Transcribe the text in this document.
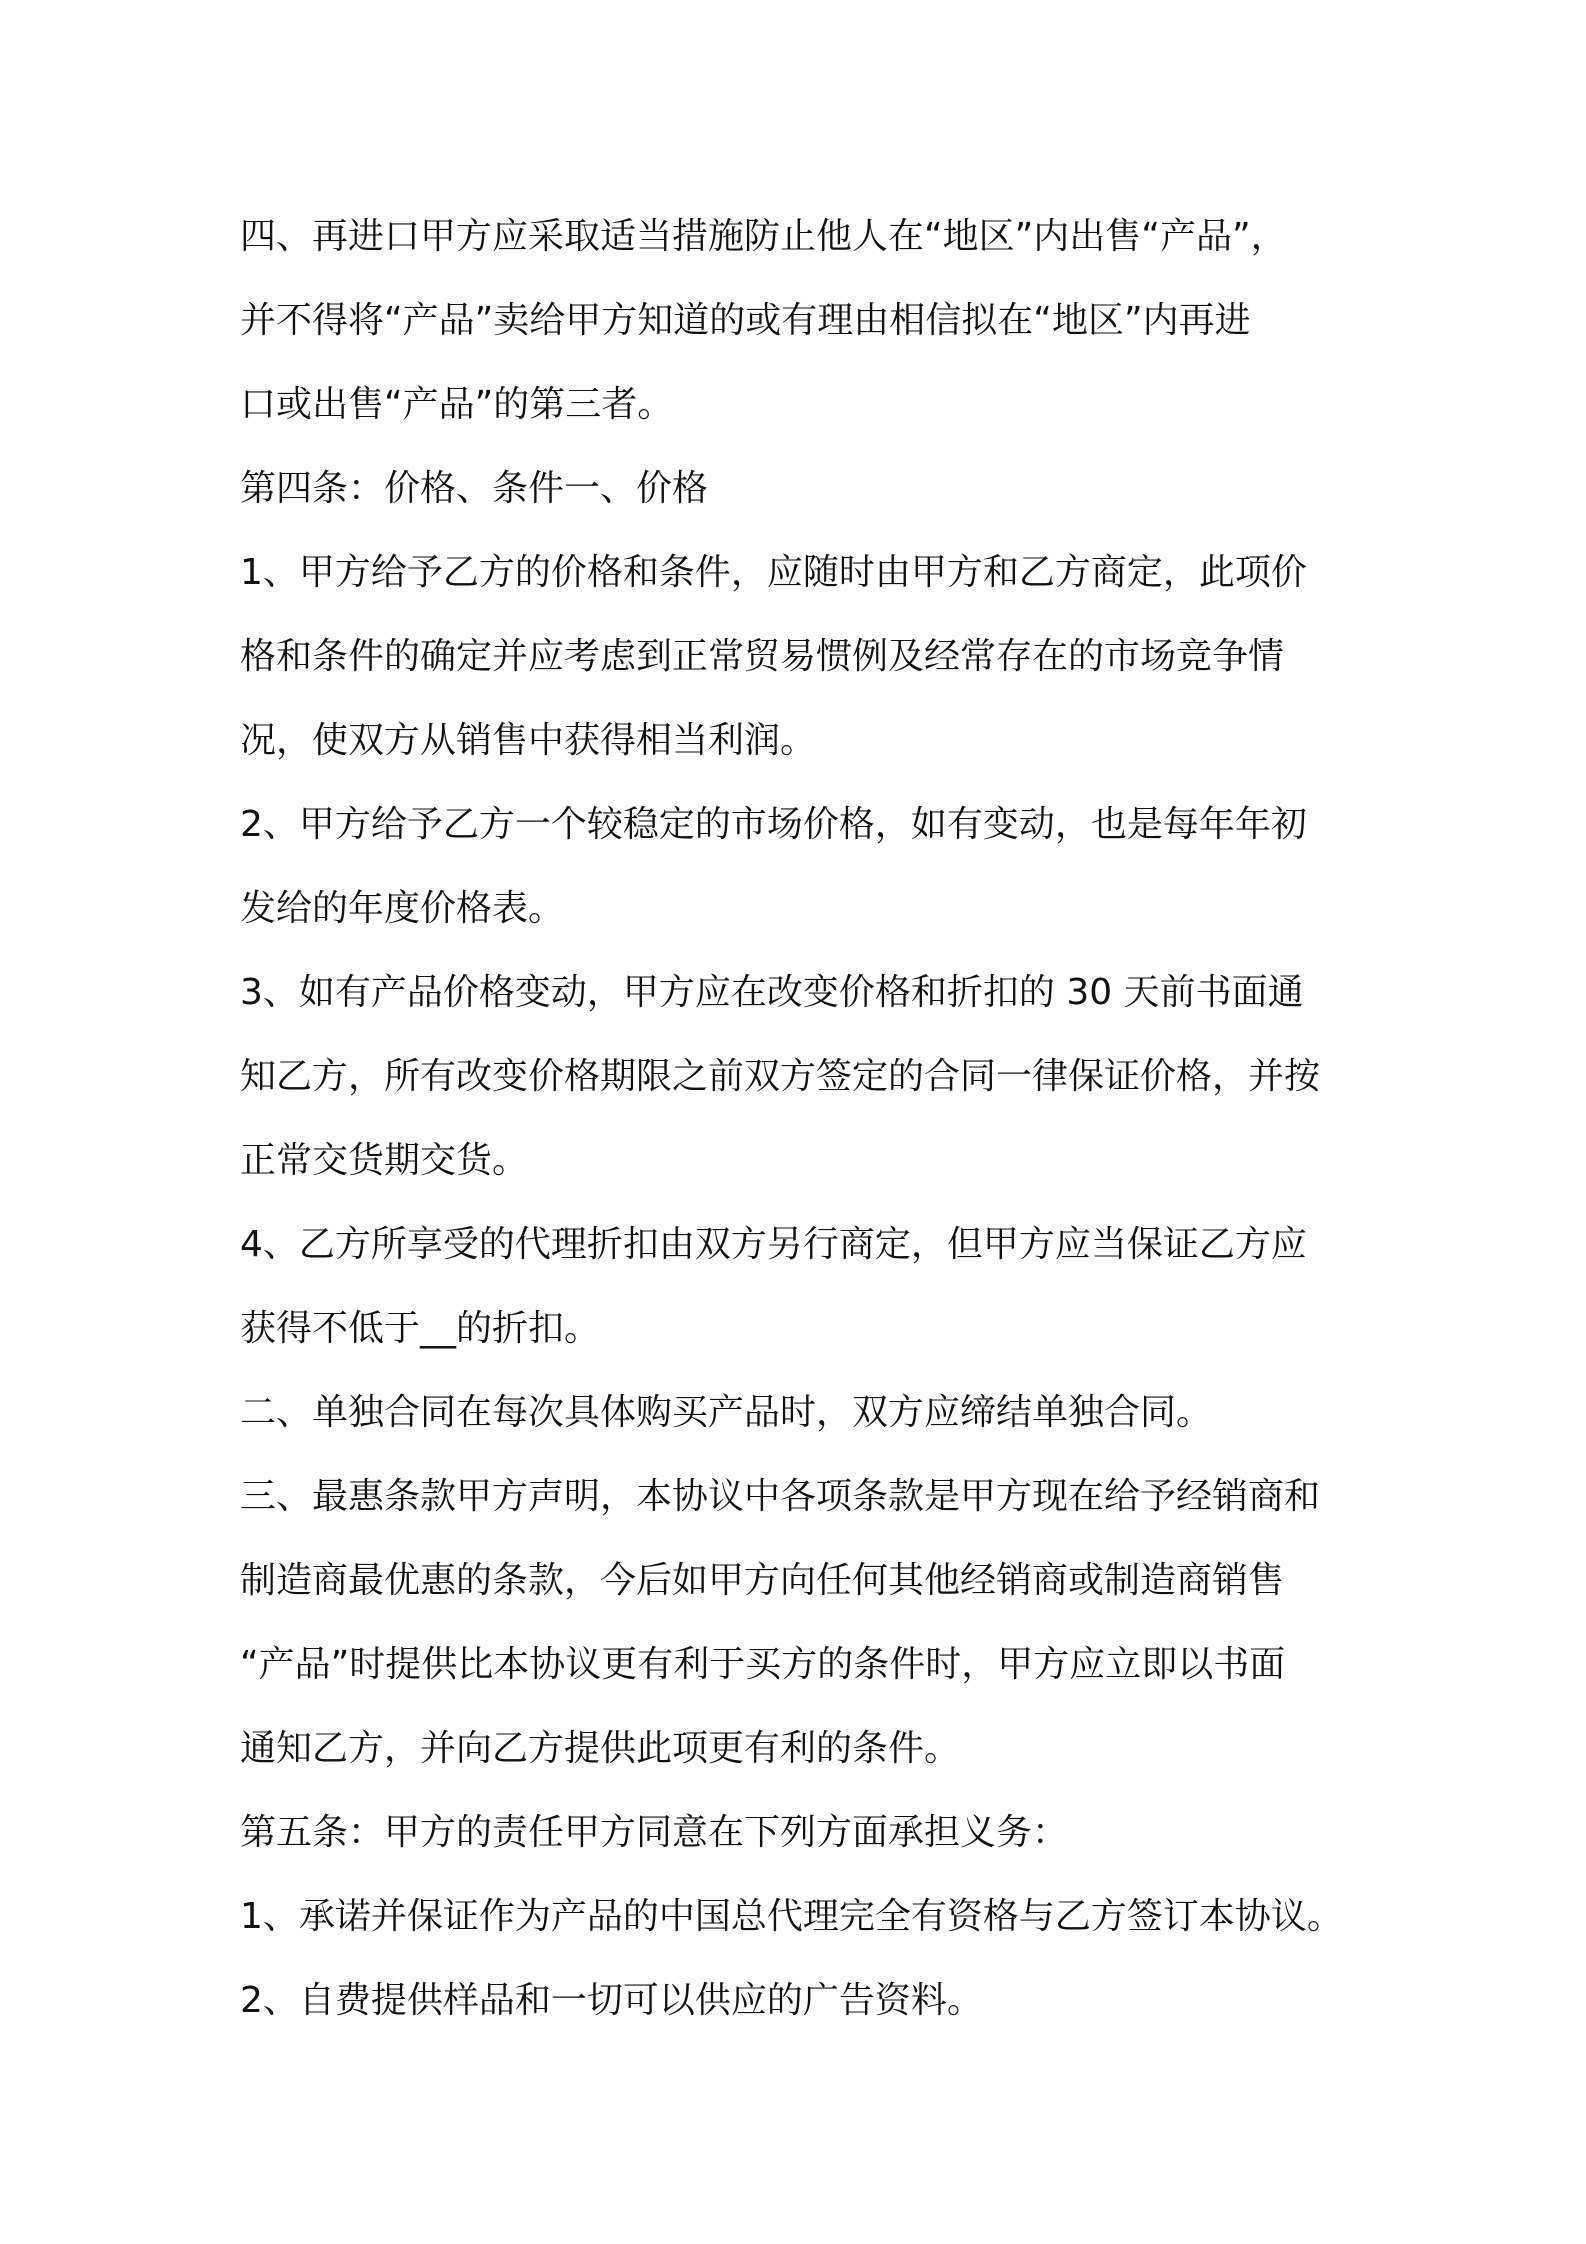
四、再进口甲方应采取适当措施防止他人在“地区”内出售“产品”，

并不得将“产品”卖给甲方知道的或有理由相信拟在“地区”内再进

口或出售“产品”的第三者。

第四条：价格、条件一、价格

1、甲方给予乙方的价格和条件，应随时由甲方和乙方商定，此项价

格和条件的确定并应考虑到正常贸易惯例及经常存在的市场竞争情

况，使双方从销售中获得相当利润。

2、甲方给予乙方一个较稳定的市场价格，如有变动，也是每年年初

发给的年度价格表。

3、如有产品价格变动，甲方应在改变价格和折扣的 30 天前书面通

知乙方，所有改变价格期限之前双方签定的合同一律保证价格，并按

正常交货期交货。

4、乙方所享受的代理折扣由双方另行商定，但甲方应当保证乙方应

获得不低于__的折扣。

二、单独合同在每次具体购买产品时，双方应缔结单独合同。

三、最惠条款甲方声明，本协议中各项条款是甲方现在给予经销商和

制造商最优惠的条款，今后如甲方向任何其他经销商或制造商销售

“产品”时提供比本协议更有利于买方的条件时，甲方应立即以书面

通知乙方，并向乙方提供此项更有利的条件。

第五条：甲方的责任甲方同意在下列方面承担义务：

1、承诺并保证作为产品的中国总代理完全有资格与乙方签订本协议。

2、自费提供样品和一切可以供应的广告资料。
